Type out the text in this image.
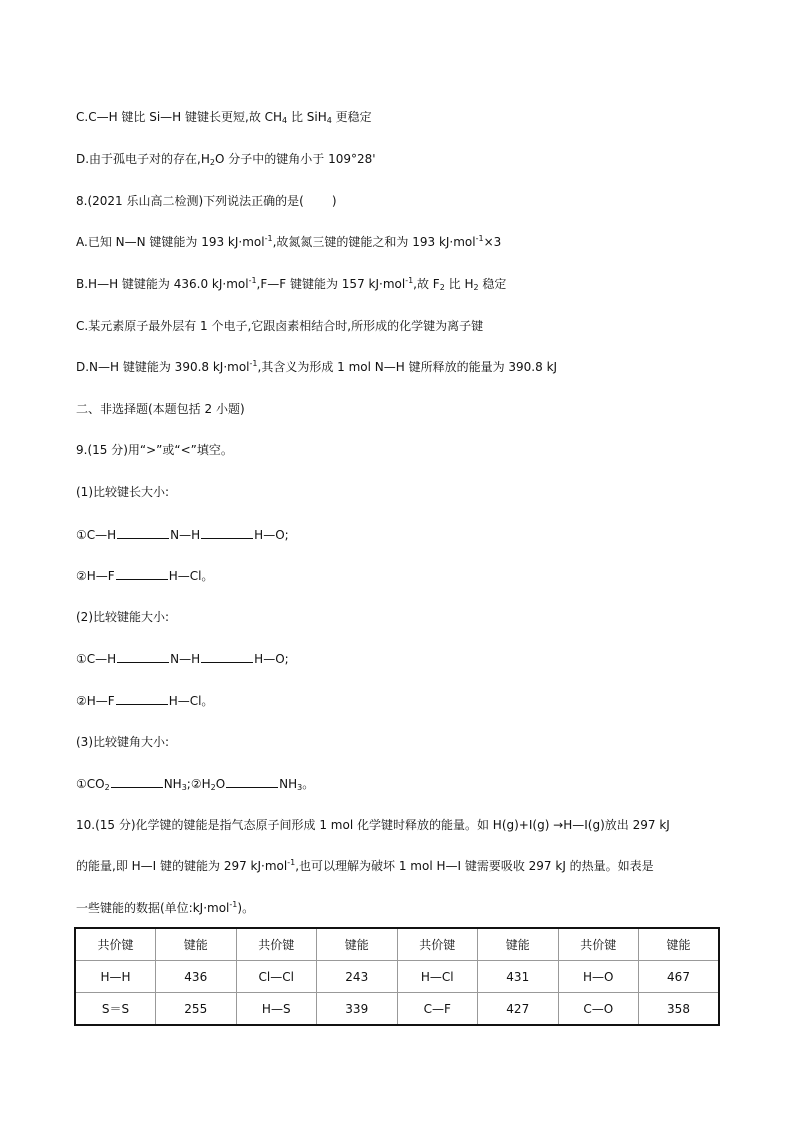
C.C—H 键比 Si—H 键键长更短,故 $CH_4$ 比 SiH$_4$ 更稳定
D.由于孤电子对的存在$,H_2O$ 分子中的键角小于 109°28'
8.(2021 乐山高二检测)下列说法正确的是( )
A.已知 N—N 键键能为 193 kJ·mol$^{-1}$,故氮氮三键的键能之和为 193 kJ·mol$^{-1}$×3
B.H—H 键键能为 436.0 kJ·mol$^{-1}$,F—F 键键能为 157 kJ·mol$^{-1}$,故 $F_2$ 比 $H_2$ 稳定
C.某元素原子最外层有 1 个电子,它跟卤素相结合时,所形成的化学键为离子键
D.N—H 键键能为 390.8 kJ·mol$^{-1}$,其含义为形成 1 mol N—H 键所释放的能量为 390.8 kJ
二、非选择题(本题包括 2 小题)
9.(15 分)用“>”或“<”填空。
(1)比较键长大小:
①C—H	N—H	H—O;
②H—F	H—Cl。
(2)比较键能大小:
①C—H	N—H	H—O;
②H—F	H—Cl。
(3)比较键角大小:
$①CO_2$	$NH_3;②H_2O$	$NH_3$。
10.(15 分)化学键的键能是指气态原子间形成 1 mol 化学键时释放的能量。如 H(g)+I(g) →H—I(g)放出 297 kJ
的能量,即 H—I 键的键能为 297 kJ·mol$^{-1}$,也可以理解为破坏 1 mol H—I 键需要吸收 297 kJ 的热量。如表是
一些键能的数据(单位:kJ·mol$^{-1}$)。
共价键	键能	共价键	键能	共价键	键能	共价键	键能
H—H	436	Cl—Cl	243	H—Cl	431	H—O	467
S＝S	255	H—S	339	C—F	427	C—O	358
